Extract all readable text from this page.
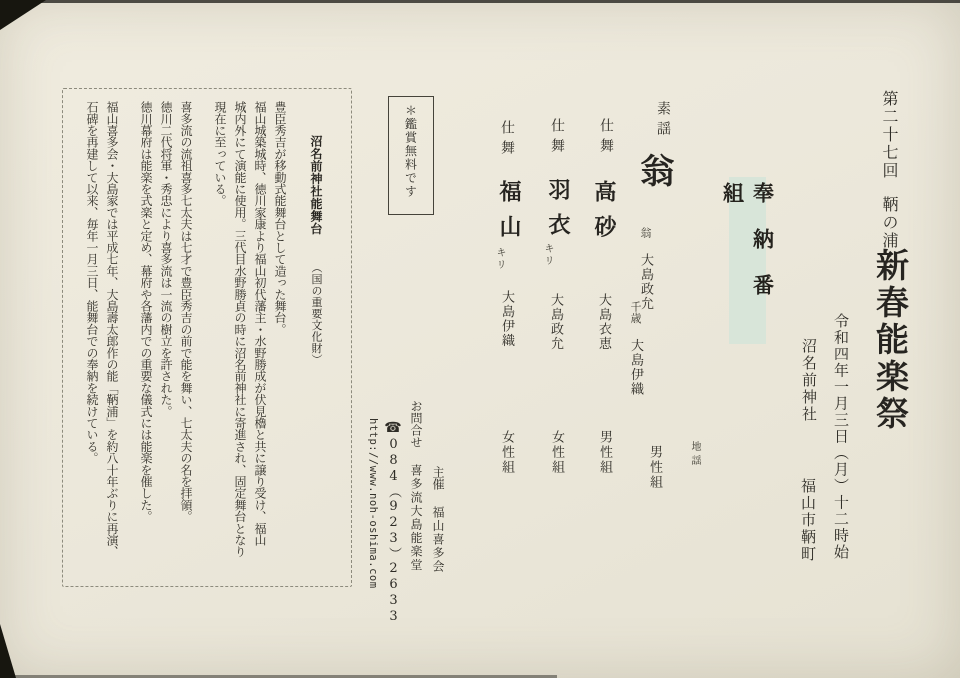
第二十七回 鞆の浦
新春能楽祭
令和四年一月三日（月）十二時始
沼名前神社
福山市鞆町
奉納番組
素謡
翁
翁 大島政允
千歳 大島伊織
地謡
男性組
仕舞
高砂
大島衣恵
男性組
仕舞
羽衣
キリ
大島政允
女性組
仕舞
福山
キリ
大島伊織
女性組
＊鑑賞無料です
主催 福山喜多会
お問合せ 喜多流大島能楽堂
☎084（923）2633
http://www.noh-oshima.com
沼名前神社能舞台 （国の重要文化財）
豊臣秀吉が移動式能舞台として造った舞台。
福山城築城時、徳川家康より福山初代藩主・水野勝成が伏見櫓と共に譲り受け、福山
城内外にて演能に使用。三代目水野勝貞の時に沼名前神社に寄進され、固定舞台となり
現在に至っている。
喜多流の流祖喜多七太夫は七才で豊臣秀吉の前で能を舞い、七太夫の名を拝領。
徳川二代将軍・秀忠により喜多流は一流の樹立を許された。
徳川幕府は能楽を式楽と定め、幕府や各藩内での重要な儀式には能楽を催した。
福山喜多会・大島家では平成七年、大島壽太郎作の能「鞆浦」を約八十年ぶりに再演、
石碑を再建して以来、毎年一月三日、能舞台での奉納を続けている。
